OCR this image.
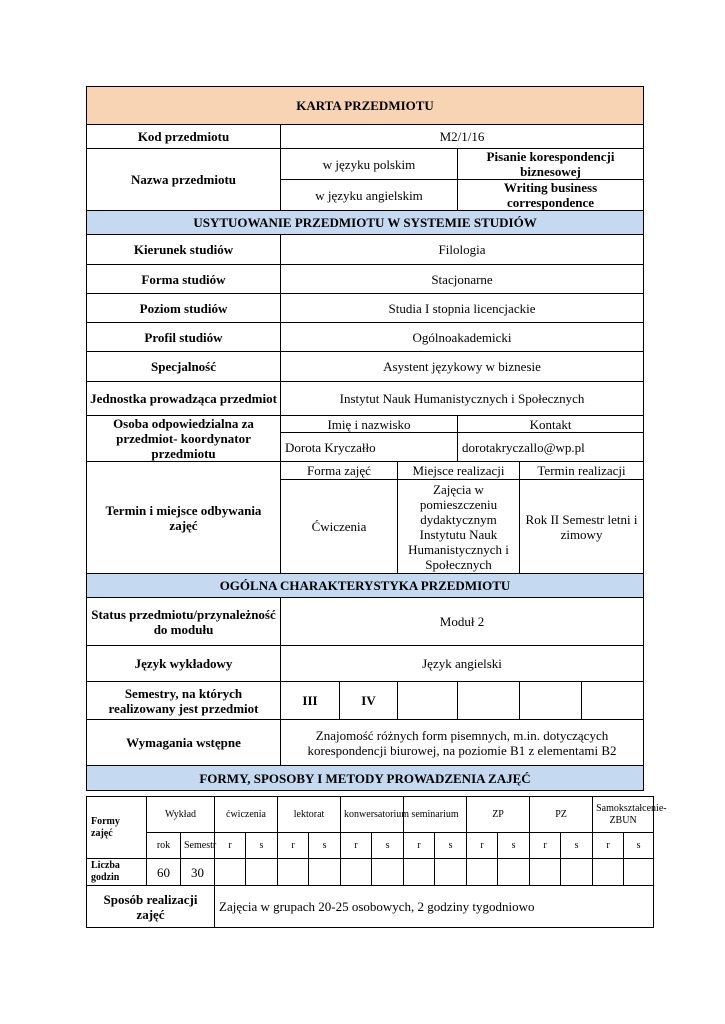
KARTA PRZEDMIOTU						
Kod przedmiotu	M2/1/16					
Nazwa przedmiotu	w języku polskim			Pisanie korespondencji biznesowej		
	w języku angielskim			Writing business correspondence		
USYTUOWANIE PRZEDMIOTU W SYSTEMIE STUDIÓW						
Kierunek studiów	Filologia					
Forma studiów	Stacjonarne					
Poziom studiów	Studia I stopnia licencjackie					
Profil studiów	Ogólnoakademicki					
Specjalność	Asystent językowy w biznesie					
Jednostka prowadząca przedmiot	Instytut Nauk Humanistycznych i Społecznych					
Osoba odpowiedzialna za przedmiot- koordynator przedmiotu	Imię i nazwisko			Kontakt		
	Dorota Kryczałło			dorotakryczallo@wp.pl		
Termin i miejsce odbywania zajęć	Forma zajęć		Miejsce realizacji		Termin realizacji	
	Ćwiczenia		Zajęcia w pomieszczeniu dydaktycznym Instytutu Nauk Humanistycznych i Społecznych		Rok II Semestr letni i zimowy	
OGÓLNA CHARAKTERYSTYKA PRZEDMIOTU						
Status przedmiotu/przynależność do modułu	Moduł 2					
Język wykładowy	Język angielski					
Semestry, na których realizowany jest przedmiot	III	IV				
Wymagania wstępne	Znajomość różnych form pisemnych, m.in. dotyczących korespondencji biurowej, na poziomie B1 z elementami B2					
FORMY, SPOSOBY I METODY PROWADZENIA ZAJĘĆ						
Formy zajęć	Wykład		ćwiczenia		lektorat		konwersatorium		seminarium		ZP		PZ		Samokształcenie-ZBUN	
	rok	Semestr	r	s	r	s	r	s	r	s	r	s	r	s	r	s
Liczba godzin	60	30														
Sposób realizacji zajęć			Zajęcia w grupach 20-25 osobowych, 2 godziny tygodniowo													
